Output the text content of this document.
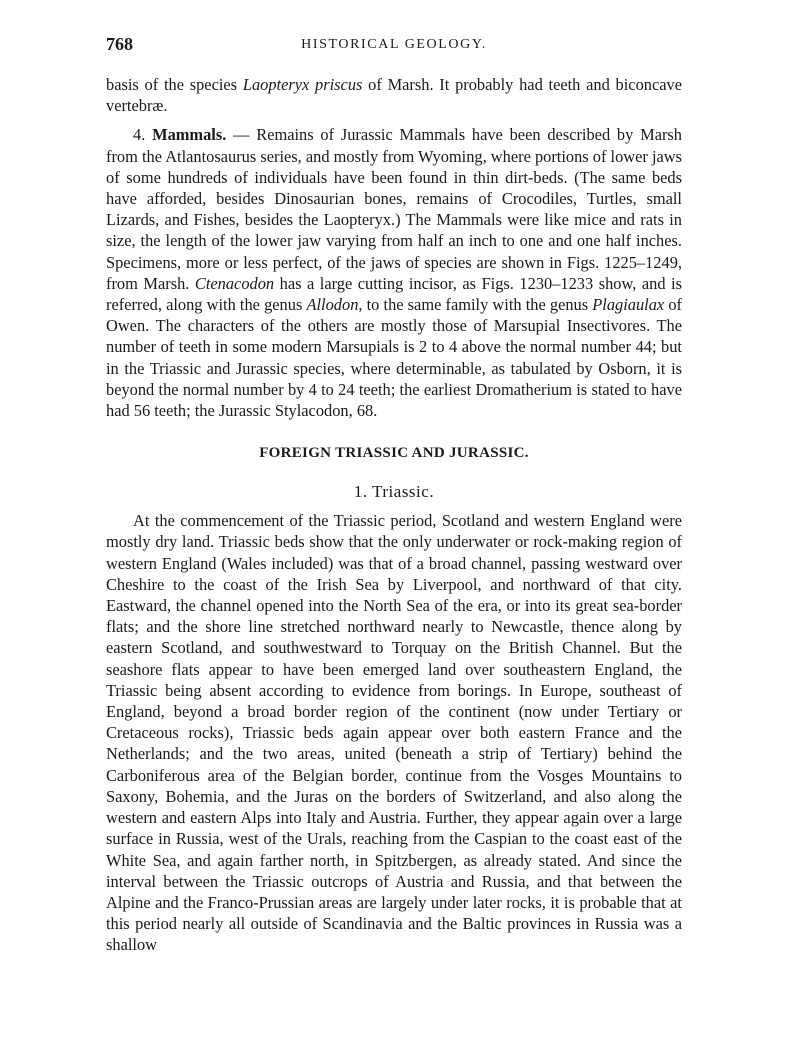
768	HISTORICAL GEOLOGY.

basis of the species Laopteryx priscus of Marsh. It probably had teeth and biconcave vertebræ.

4. Mammals. — Remains of Jurassic Mammals have been described by Marsh from the Atlantosaurus series, and mostly from Wyoming, where portions of lower jaws of some hundreds of individuals have been found in thin dirt-beds. (The same beds have afforded, besides Dinosaurian bones, remains of Crocodiles, Turtles, small Lizards, and Fishes, besides the Laopteryx.) The Mammals were like mice and rats in size, the length of the lower jaw varying from half an inch to one and one half inches. Specimens, more or less perfect, of the jaws of species are shown in Figs. 1225–1249, from Marsh. Ctenacodon has a large cutting incisor, as Figs. 1230–1233 show, and is referred, along with the genus Allodon, to the same family with the genus Plagiaulax of Owen. The characters of the others are mostly those of Marsupial Insectivores. The number of teeth in some modern Marsupials is 2 to 4 above the normal number 44; but in the Triassic and Jurassic species, where determinable, as tabulated by Osborn, it is beyond the normal number by 4 to 24 teeth; the earliest Dromatherium is stated to have had 56 teeth; the Jurassic Stylacodon, 68.

FOREIGN TRIASSIC AND JURASSIC.
1. Triassic.

At the commencement of the Triassic period, Scotland and western England were mostly dry land. Triassic beds show that the only underwater or rock-making region of western England (Wales included) was that of a broad channel, passing westward over Cheshire to the coast of the Irish Sea by Liverpool, and northward of that city. Eastward, the channel opened into the North Sea of the era, or into its great sea-border flats; and the shore line stretched northward nearly to Newcastle, thence along by eastern Scotland, and southwestward to Torquay on the British Channel. But the seashore flats appear to have been emerged land over southeastern England, the Triassic being absent according to evidence from borings. In Europe, southeast of England, beyond a broad border region of the continent (now under Tertiary or Cretaceous rocks), Triassic beds again appear over both eastern France and the Netherlands; and the two areas, united (beneath a strip of Tertiary) behind the Carboniferous area of the Belgian border, continue from the Vosges Mountains to Saxony, Bohemia, and the Juras on the borders of Switzerland, and also along the western and eastern Alps into Italy and Austria. Further, they appear again over a large surface in Russia, west of the Urals, reaching from the Caspian to the coast east of the White Sea, and again farther north, in Spitzbergen, as already stated. And since the interval between the Triassic outcrops of Austria and Russia, and that between the Alpine and the Franco-Prussian areas are largely under later rocks, it is probable that at this period nearly all outside of Scandinavia and the Baltic provinces in Russia was a shallow
